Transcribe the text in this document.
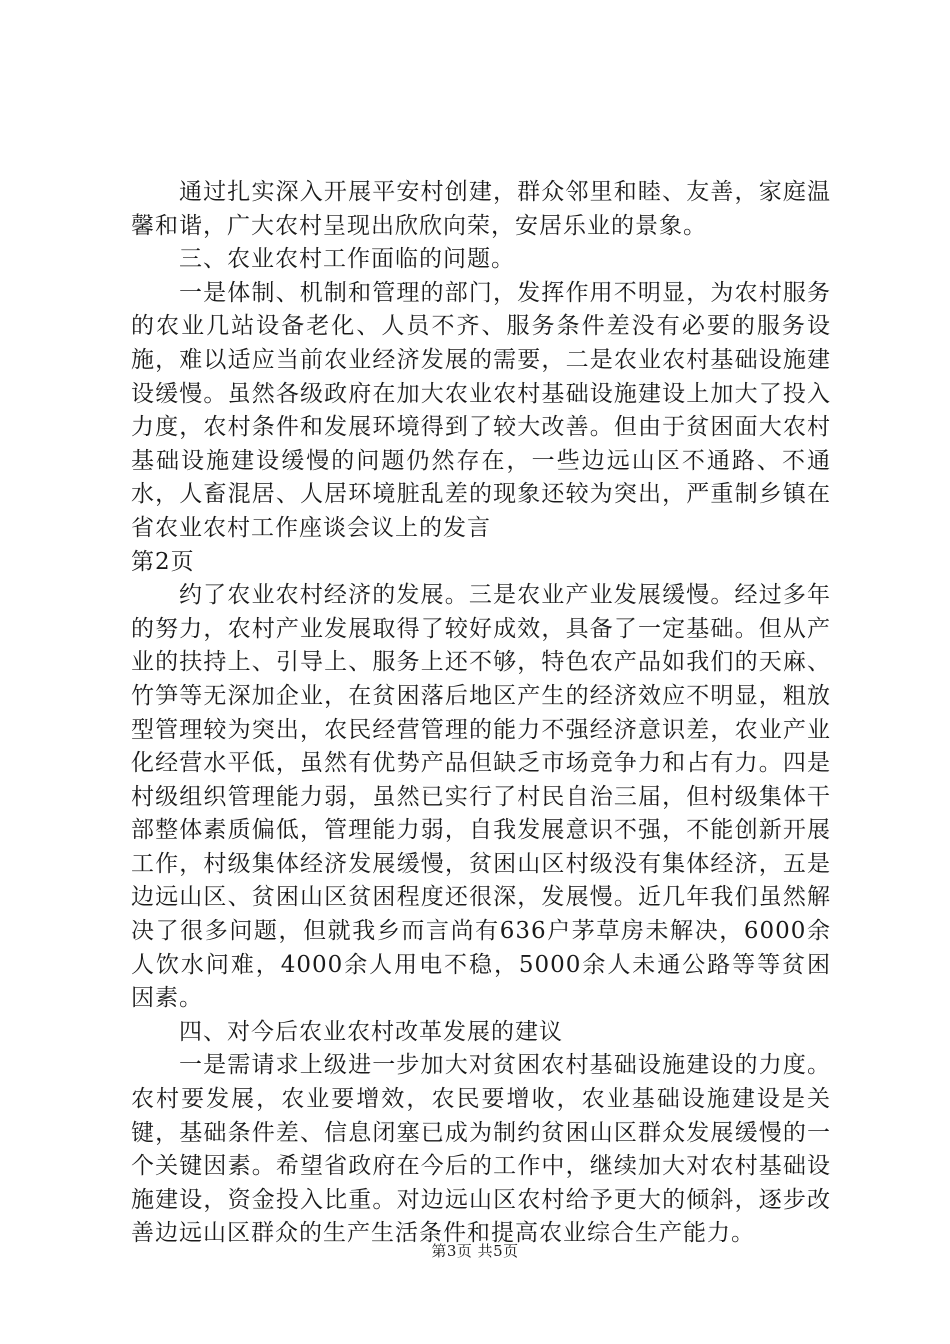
通过扎实深入开展平安村创建，群众邻里和睦、友善，家庭温馨和谐，广大农村呈现出欣欣向荣，安居乐业的景象。

三、农业农村工作面临的问题。

一是体制、机制和管理的部门，发挥作用不明显，为农村服务的农业几站设备老化、人员不齐、服务条件差没有必要的服务设施，难以适应当前农业经济发展的需要，二是农业农村基础设施建设缓慢。虽然各级政府在加大农业农村基础设施建设上加大了投入力度，农村条件和发展环境得到了较大改善。但由于贫困面大农村基础设施建设缓慢的问题仍然存在，一些边远山区不通路、不通水，人畜混居、人居环境脏乱差的现象还较为突出，严重制乡镇在省农业农村工作座谈会议上的发言

第2页

约了农业农村经济的发展。三是农业产业发展缓慢。经过多年的努力，农村产业发展取得了较好成效，具备了一定基础。但从产业的扶持上、引导上、服务上还不够，特色农产品如我们的天麻、竹笋等无深加企业，在贫困落后地区产生的经济效应不明显，粗放型管理较为突出，农民经营管理的能力不强经济意识差，农业产业化经营水平低，虽然有优势产品但缺乏市场竞争力和占有力。四是村级组织管理能力弱，虽然已实行了村民自治三届，但村级集体干部整体素质偏低，管理能力弱，自我发展意识不强，不能创新开展工作，村级集体经济发展缓慢，贫困山区村级没有集体经济，五是边远山区、贫困山区贫困程度还很深，发展慢。近几年我们虽然解决了很多问题，但就我乡而言尚有636户茅草房未解决，6000余人饮水问难，4000余人用电不稳，5000余人未通公路等等贫困因素。

四、对今后农业农村改革发展的建议

一是需请求上级进一步加大对贫困农村基础设施建设的力度。农村要发展，农业要增效，农民要增收，农业基础设施建设是关键，基础条件差、信息闭塞已成为制约贫困山区群众发展缓慢的一个关键因素。希望省政府在今后的工作中，继续加大对农村基础设施建设，资金投入比重。对边远山区农村给予更大的倾斜，逐步改善边远山区群众的生产生活条件和提高农业综合生产能力。

第3页 共5页
